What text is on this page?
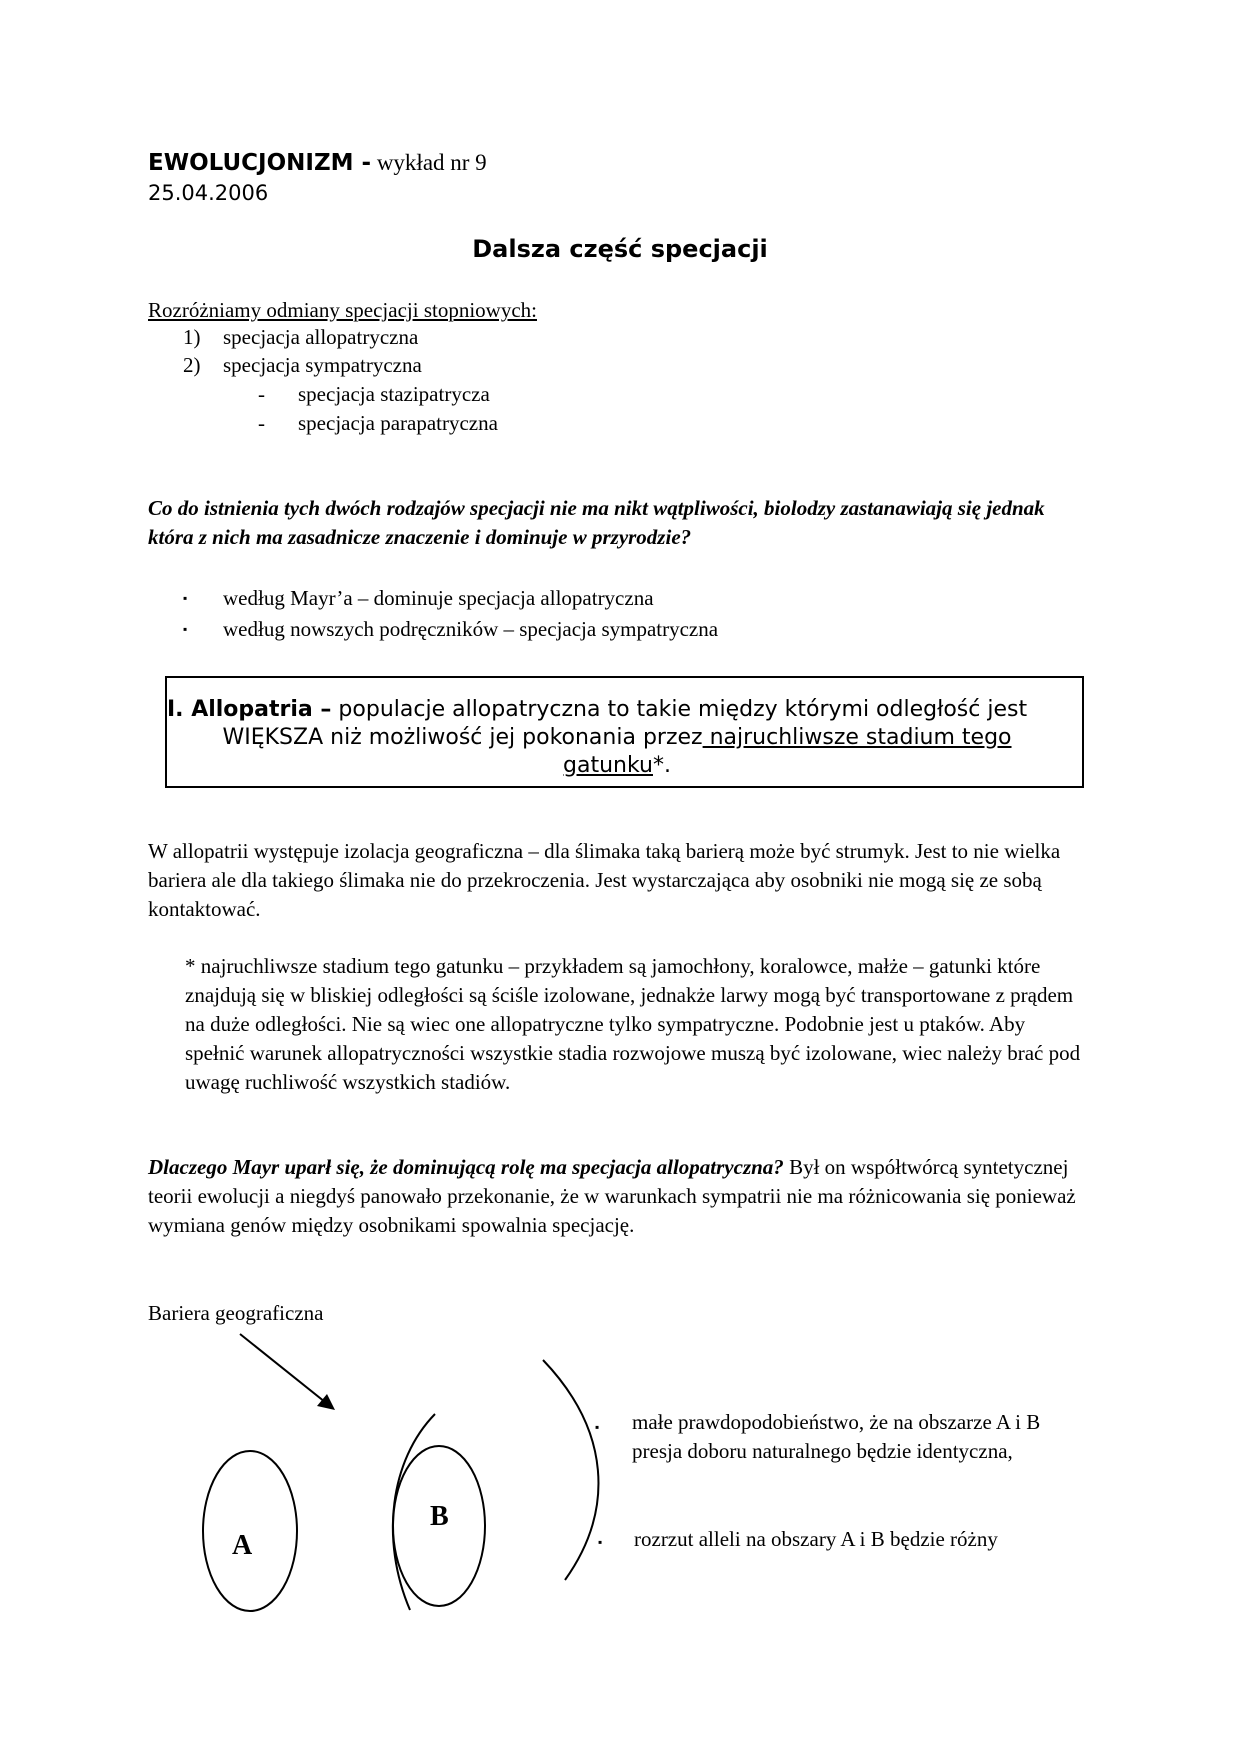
EWOLUCJONIZM - wykład nr 9
25.04.2006
Dalsza część specjacji
Rozróżniamy odmiany specjacji stopniowych:
1) specjacja allopatryczna
2) specjacja sympatryczna
- specjacja stazipatrycza
- specjacja parapatryczna
Co do istnienia tych dwóch rodzajów specjacji nie ma nikt wątpliwości, biolodzy zastanawiają się jednak która z nich ma zasadnicze znaczenie i dominuje w przyrodzie?
▪ według Mayr’a – dominuje specjacja allopatryczna
▪ według nowszych podręczników – specjacja sympatryczna
I. Allopatria – populacje allopatryczna to takie między którymi odległość jest
WIĘKSZA niż możliwość jej pokonania przez najruchliwsze stadium tego
gatunku*.
W allopatrii występuje izolacja geograficzna – dla ślimaka taką barierą może być strumyk. Jest to nie wielka bariera ale dla takiego ślimaka nie do przekroczenia. Jest wystarczająca aby osobniki nie mogą się ze sobą kontaktować.
* najruchliwsze stadium tego gatunku – przykładem są jamochłony, koralowce, małże – gatunki które znajdują się w bliskiej odległości są ściśle izolowane, jednakże larwy mogą być transportowane z prądem na duże odległości. Nie są wiec one allopatryczne tylko sympatryczne. Podobnie jest u ptaków. Aby spełnić warunek allopatryczności wszystkie stadia rozwojowe muszą być izolowane, wiec należy brać pod uwagę ruchliwość wszystkich stadiów.
Dlaczego Mayr uparł się, że dominującą rolę ma specjacja allopatryczna? Był on współtwórcą syntetycznej teorii ewolucji a niegdyś panowało przekonanie, że w warunkach sympatrii nie ma różnicowania się ponieważ wymiana genów między osobnikami spowalnia specjację.
Bariera geograficzna
A
B
▪ małe prawdopodobieństwo, że na obszarze A i B presja doboru naturalnego będzie identyczna,
▪ rozrzut alleli na obszary A i B będzie różny
